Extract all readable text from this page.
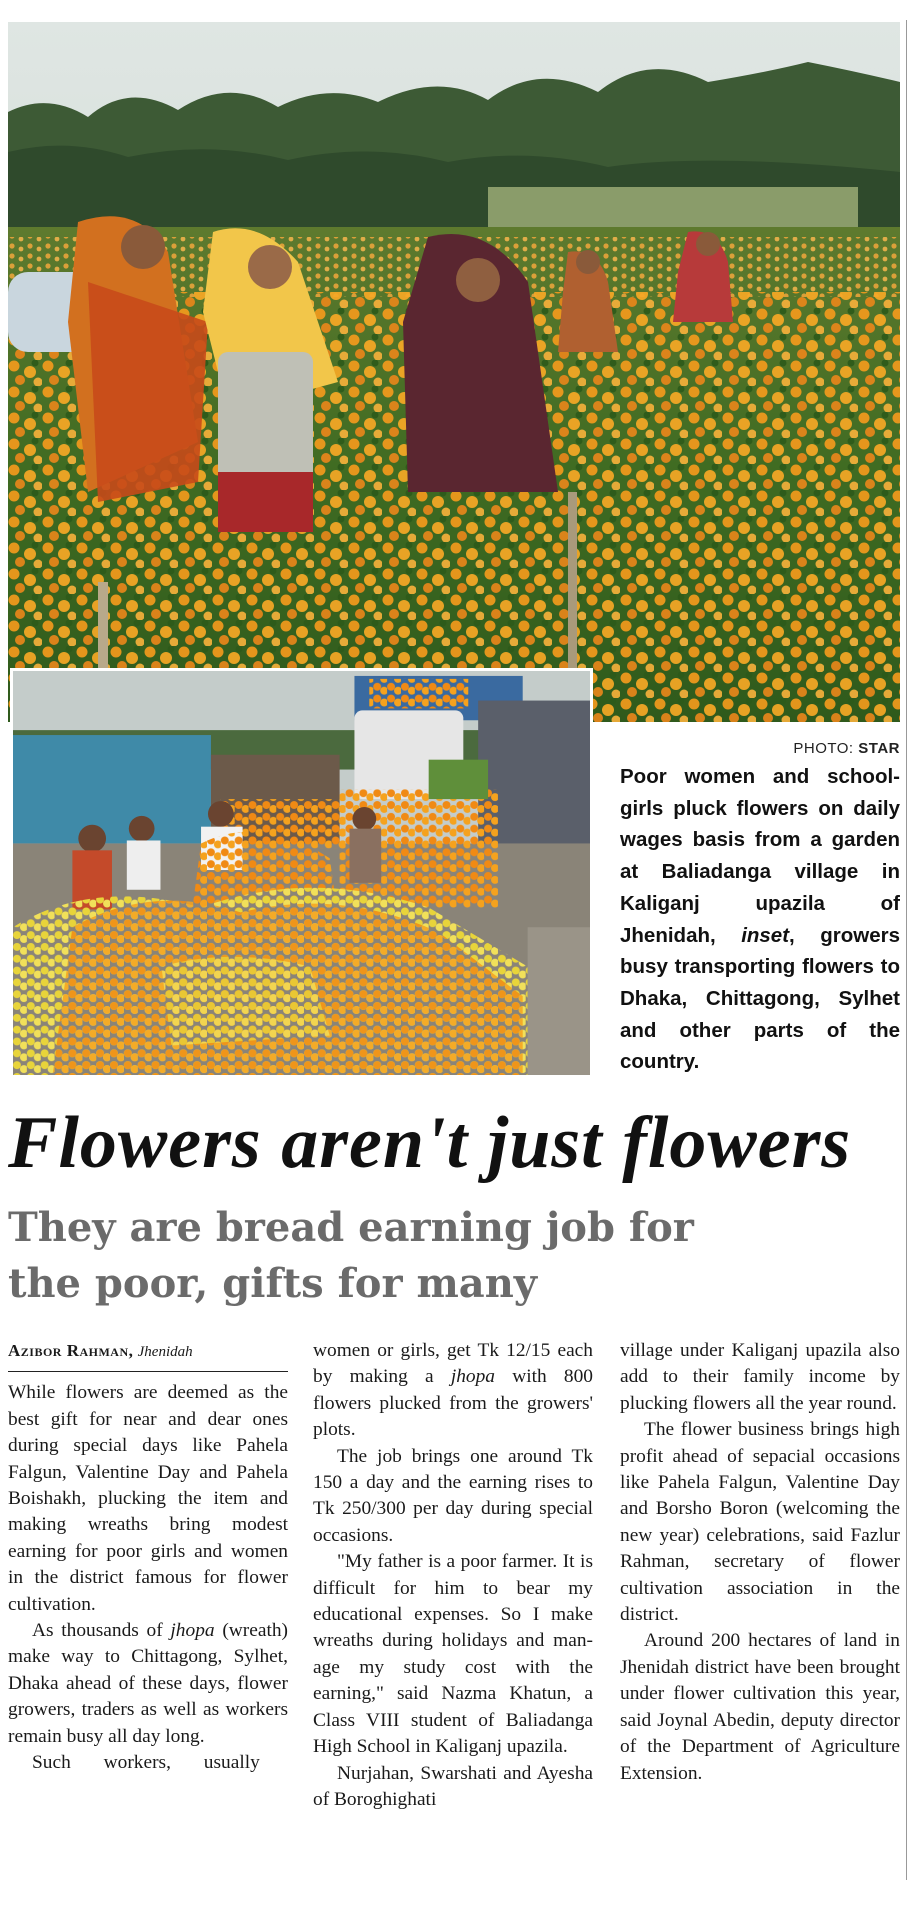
PHOTO: STAR
Poor women and school-girls pluck flowers on daily wages basis from a garden at Baliadanga village in Kaliganj upazila of Jhenidah, inset, growers busy transporting flowers to Dhaka, Chittagong, Sylhet and other parts of the country.
Flowers aren't just flowers
They are bread earning job for the poor, gifts for many
Azibor Rahman, Jhenidah

While flowers are deemed as the best gift for near and dear ones during special days like Pahela Falgun, Valentine Day and Pahela Boishakh, plucking the item and making wreaths bring modest earning for poor girls and women in the district famous for flower cultivation.

As thousands of jhopa (wreath) make way to Chittagong, Sylhet, Dhaka ahead of these days, flower growers, traders as well as workers remain busy all day long.

Such workers, usually

women or girls, get Tk 12/15 each by making a jhopa with 800 flowers plucked from the growers' plots.

The job brings one around Tk 150 a day and the earning rises to Tk 250/300 per day during special occasions.

"My father is a poor farmer. It is difficult for him to bear my educational expenses. So I make wreaths during holidays and man-age my study cost with the earning," said Nazma Khatun, a Class VIII student of Baliadanga High School in Kaliganj upazila.

Nurjahan, Swarshati and Ayesha of Boroghighati

village under Kaliganj upazila also add to their family income by plucking flowers all the year round.

The flower business brings high profit ahead of sepacial occasions like Pahela Falgun, Valentine Day and Borsho Boron (welcoming the new year) celebrations, said Fazlur Rahman, secretary of flower cultivation association in the district.

Around 200 hectares of land in Jhenidah district have been brought under flower cultivation this year, said Joynal Abedin, deputy director of the Department of Agriculture Extension.
